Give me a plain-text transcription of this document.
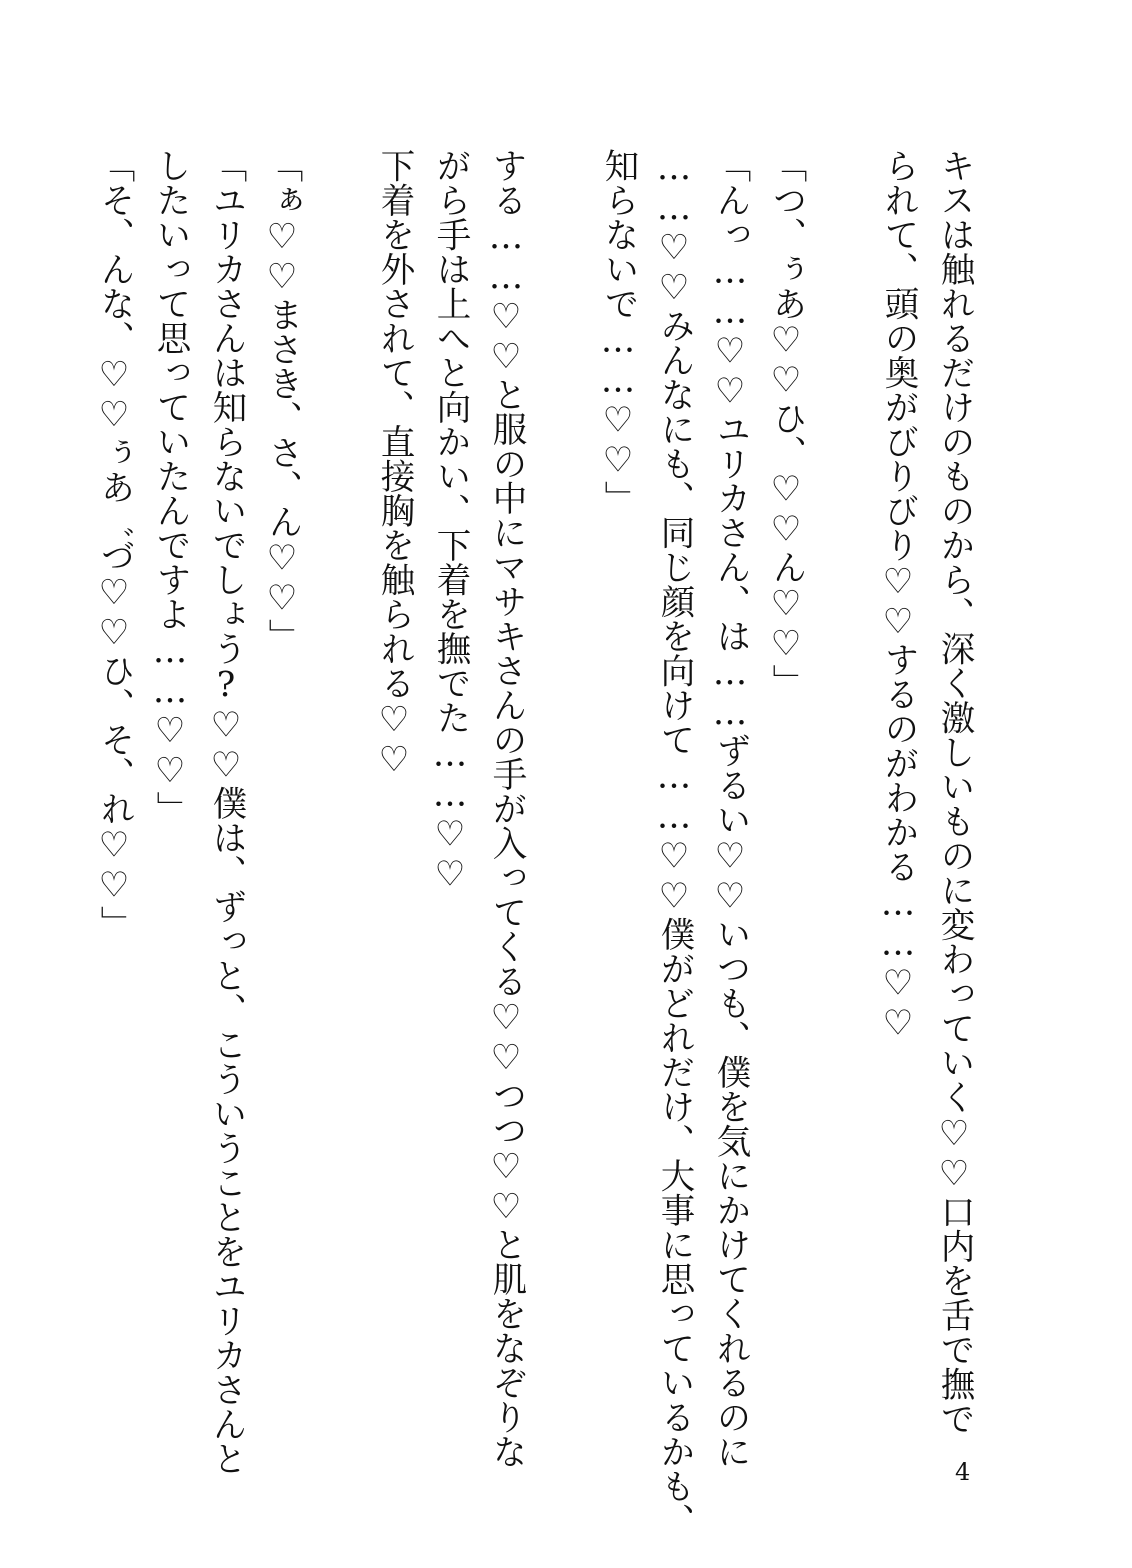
キスは触れるだけのものから、深く激しいものに変わっていく♡♡口内を舌で撫で
られて、頭の奥がびりびり♡♡するのがわかる……♡♡

「つ、ぅあ♡♡ひ、♡♡ん♡♡」
「んっ……♡♡ユリカさん、は……ずるい♡♡いつも、僕を気にかけてくれるのに
……♡♡みんなにも、同じ顔を向けて……♡♡僕がどれだけ、大事に思っているかも、
知らないで……♡♡」

する……♡♡と服の中にマサキさんの手が入ってくる♡♡つつ♡♡と肌をなぞりな
がら手は上へと向かい、下着を撫でた……♡♡
下着を外されて、直接胸を触られる♡♡

「ぁ♡♡まさき、さ、ん♡♡」
「ユリカさんは知らないでしょう?♡♡僕は、ずっと、こういうことをユリカさんと
したいって思っていたんですよ……♡♡」
「そ、んな、♡♡ぅあ゛づ♡♡ひ、そ、れ♡♡」
4
